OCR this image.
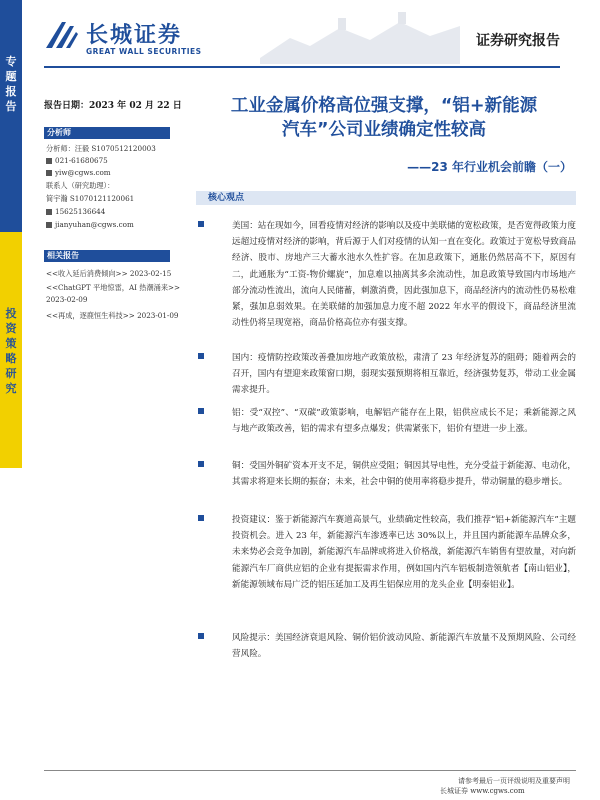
专
题
报
告
投
资
策
略
研
究
长城证券
GREAT WALL SECURITIES
证券研究报告
报告日期：2023 年 02 月 22 日
分析师
分析师：汪毅 S1070512120003
021-61680675
yiw@cgws.com
联系人（研究助理）：
简宇瀚 S1070121120061
15625136644
jianyuhan@cgws.com
相关报告
<<收入延后消费倾向>> 2023-02-15
<<ChatGPT 平地惊雷，AI 热潮涌来>>
2023-02-09
<<再成，逐鹿恒生科技>> 2023-01-09
工业金属价格高位强支撑，“铝+新能源
汽车”公司业绩确定性较高
——23 年行业机会前瞻（一）
核心观点
美国：站在现如今，回看疫情对经济的影响以及疫中美联储的宽松政策，是否宽得政策力度远超过疫情对经济的影响，背后源于人们对疫情的认知一直在变化。政策过于宽松导致商品经济、股市、房地产三大蓄水池水久性扩容。在加息政策下，通胀仍然居高不下，原因有二，此通胀为“工资-物价螺旋”，加息难以抽离其多余流动性，加息政策导致国内市场地产部分流动性流出，流向人民储蓄，刺激消费，因此强加息下，商品经济内的流动性仍易松难紧，强加息弱效果。在美联储的加强加息力度不超 2022 年水平的假设下，商品经济里流动性仍将呈现宽裕，商品价格高位亦有强支撑。
国内：疫情防控政策改善叠加房地产政策放松，肃清了 23 年经济复苏的阻碍；随着两会的召开，国内有望迎来政策窗口期，弱现实强预期将相互靠近，经济强势复苏，带动工业金属需求提升。
铝：受“双控”、“双碳”政策影响，电解铝产能存在上限，铝供应成长不足；乘新能源之风与地产政策改善，铝的需求有望多点爆发；供需紧张下，铝价有望进一步上涨。
铜：受国外铜矿资本开支不足，铜供应受阻；铜因其导电性，充分受益于新能源、电动化，其需求将迎来长期的振奋；未来，社会中铜的使用率将稳步提升，带动铜量的稳步增长。
投资建议：鉴于新能源汽车赛道高景气，业绩确定性较高，我们推荐“铝+新能源汽车”主题投资机会。进入 23 年，新能源汽车渗透率已达 30%以上，并且国内新能源车品牌众多，未来势必会竞争加剧，新能源汽车品牌或将进入价格战，新能源汽车销售有望放量，对向新能源汽车厂商供应铝的企业有提振需求作用，例如国内汽车铝板制造领航者【南山铝业】，新能源领域布局广泛的铝压延加工及再生铝保应用的龙头企业【明泰铝业】。
风险提示：美国经济衰退风险、铜价铝价波动风险、新能源汽车放量不及预期风险、公司经营风险。
请参考最后一页评级说明及重要声明
长城证券 www.cgws.com
